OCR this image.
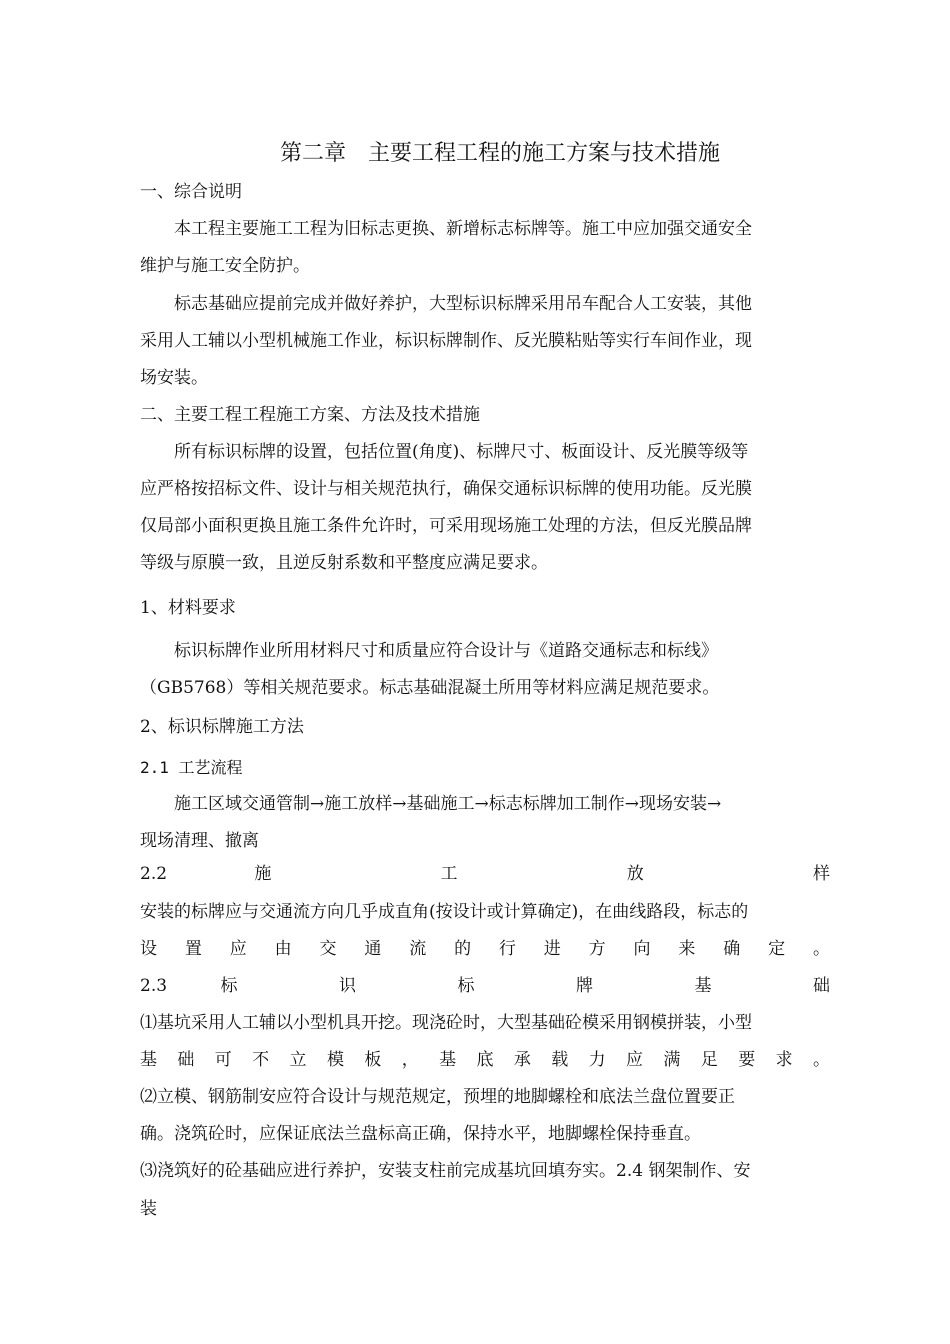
第二章　主要工程工程的施工方案与技术措施
一、综合说明
　　本工程主要施工工程为旧标志更换、新增标志标牌等。施工中应加强交通安全
维护与施工安全防护。
　　标志基础应提前完成并做好养护，大型标识标牌采用吊车配合人工安装，其他
采用人工辅以小型机械施工作业，标识标牌制作、反光膜粘贴等实行车间作业，现
场安装。
二、主要工程工程施工方案、方法及技术措施
　　所有标识标牌的设置，包括位置(角度)、标牌尺寸、板面设计、反光膜等级等
应严格按招标文件、设计与相关规范执行，确保交通标识标牌的使用功能。反光膜
仅局部小面积更换且施工条件允许时，可采用现场施工处理的方法，但反光膜品牌
等级与原膜一致，且逆反射系数和平整度应满足要求。
1、材料要求
　　标识标牌作业所用材料尺寸和质量应符合设计与《道路交通标志和标线》
（GB5768）等相关规范要求。标志基础混凝土所用等材料应满足规范要求。
2、标识标牌施工方法
2.1 工艺流程
　　施工区域交通管制→施工放样→基础施工→标志标牌加工制作→现场安装→
现场清理、撤离
2.2 施 工 放 样
安装的标牌应与交通流方向几乎成直角(按设计或计算确定)，在曲线路段，标志的
设 置 应 由 交 通 流 的 行 进 方 向 来 确 定 。
2.3 标 识 标 牌 基 础
⑴基坑采用人工辅以小型机具开挖。现浇砼时，大型基础砼模采用钢模拼装，小型
基 础 可 不 立 模 板 ， 基 底 承 载 力 应 满 足 要 求 。
⑵立模、钢筋制安应符合设计与规范规定，预埋的地脚螺栓和底法兰盘位置要正
确。浇筑砼时，应保证底法兰盘标高正确，保持水平，地脚螺栓保持垂直。
⑶浇筑好的砼基础应进行养护，安装支柱前完成基坑回填夯实。2.4 钢架制作、安
装
